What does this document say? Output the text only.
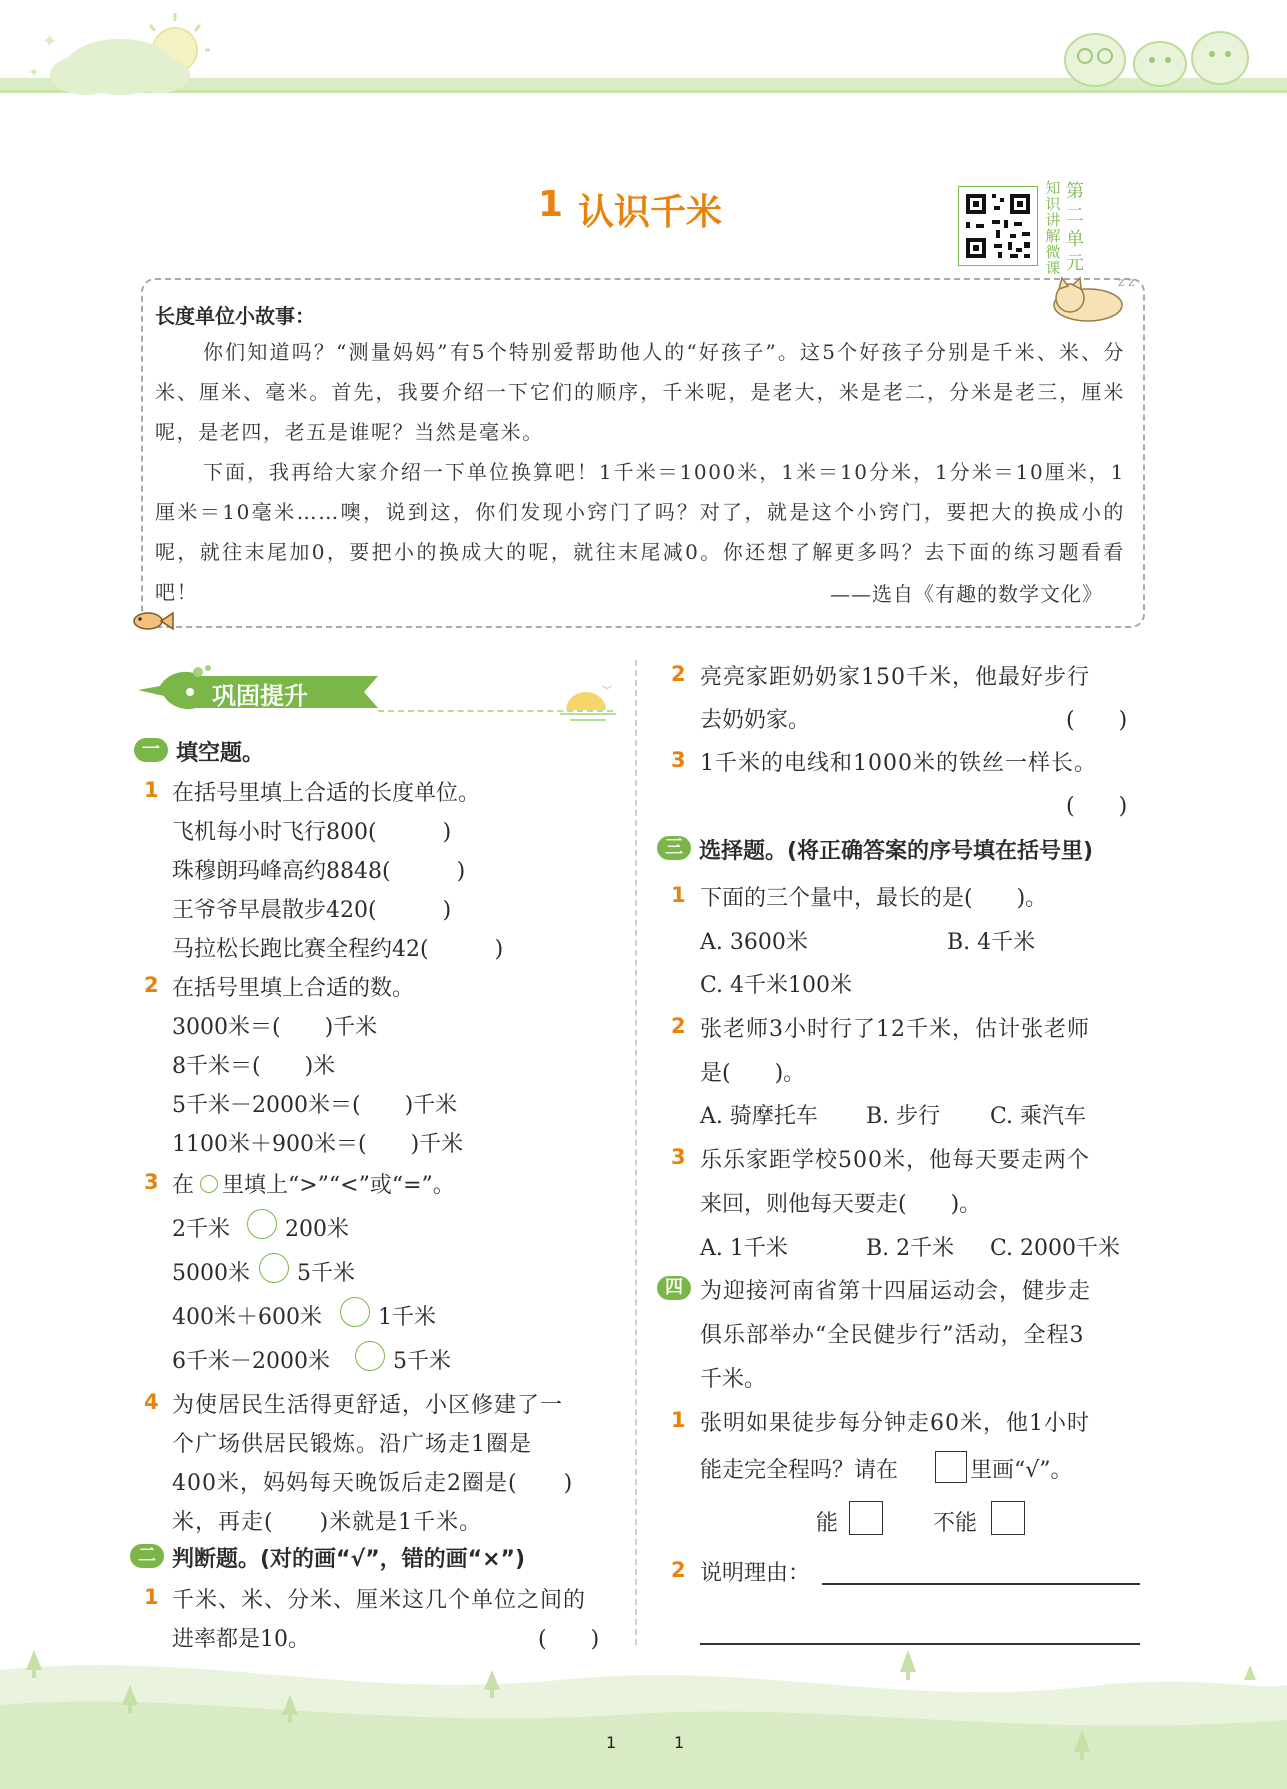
✦
✦
1 认识千米
知
识
讲
解
微
课
第
二
单
元
z z
长度单位小故事：
你们知道吗？“测量妈妈”有5个特别爱帮助他人的“好孩子”。这5个好孩子分别是千米、米、分米、厘米、毫米。首先，我要介绍一下它们的顺序，千米呢，是老大，米是老二，分米是老三，厘米呢，是老四，老五是谁呢？当然是毫米。
下面，我再给大家介绍一下单位换算吧！1千米＝1000米，1米＝10分米，1分米＝10厘米，1厘米＝10毫米……噢，说到这，你们发现小窍门了吗？对了，就是这个小窍门，要把大的换成小的呢，就往末尾加0，要把小的换成大的呢，就往末尾减0。你还想了解更多吗？去下面的练习题看看吧！	——选自《有趣的数学文化》
巩固提升	︶
一 填空题。
1 在括号里填上合适的长度单位。
飞机每小时飞行800(　　　)
珠穆朗玛峰高约8848(　　　)
王爷爷早晨散步420(　　　)
马拉松长跑比赛全程约42(　　　)
2 在括号里填上合适的数。
3000米＝(　　)千米
8千米＝(　　)米
5千米－2000米＝(　　)千米
1100米＋900米＝(　　)千米
3 在 里填上“>”“<”或“=”。
2千米	200米
5000米 5千米
400米＋600米	1千米
6千米－2000米	5千米
4 为使居民生活得更舒适，小区修建了一
个广场供居民锻炼。沿广场走1圈是
400米，妈妈每天晚饭后走2圈是(　　)
米，再走(　　)米就是1千米。
二 判断题。(对的画“√”，错的画“×”)
1 千米、米、分米、厘米这几个单位之间的
进率都是10。	(　　)
2 亮亮家距奶奶家150千米，他最好步行
去奶奶家。	(　　)
3 1千米的电线和1000米的铁丝一样长。
(　　)
三 选择题。(将正确答案的序号填在括号里)
1 下面的三个量中，最长的是(　　)。
A. 3600米	B. 4千米
C. 4千米100米
2 张老师3小时行了12千米，估计张老师
是(　　)。
A. 骑摩托车 B. 步行 C. 乘汽车
3 乐乐家距学校500米，他每天要走两个
来回，则他每天要走(　　)。
A. 1千米	B. 2千米 C. 2000千米
四 为迎接河南省第十四届运动会，健步走
俱乐部举办“全民健步行”活动，全程3
千米。
1 张明如果徒步每分钟走60米，他1小时
能走完全程吗？请在	里画“√”。
能	不能
2 说明理由：
1	1
